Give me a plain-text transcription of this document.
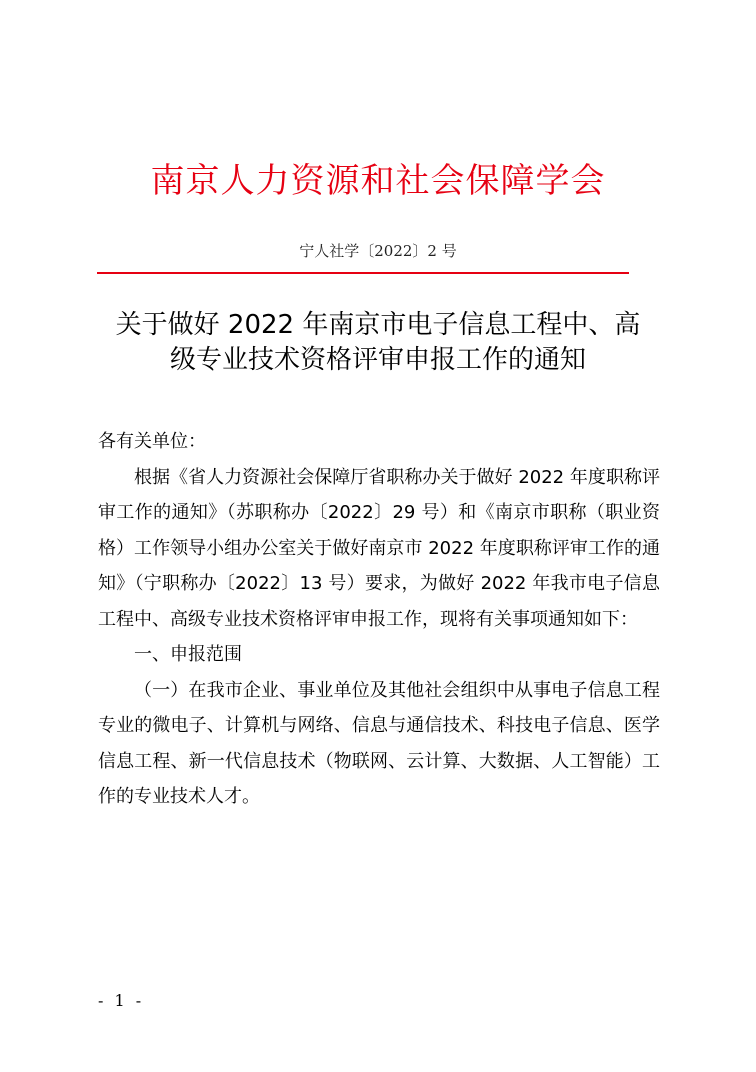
南京人力资源和社会保障学会
宁人社学〔2022〕2 号
关于做好 2022 年南京市电子信息工程中、高
级专业技术资格评审申报工作的通知

各有关单位：

根据《省人力资源社会保障厅省职称办关于做好 2022 年度职称评审工作的通知》（苏职称办〔2022〕29 号）和《南京市职称（职业资格）工作领导小组办公室关于做好南京市 2022 年度职称评审工作的通知》（宁职称办〔2022〕13 号）要求，为做好 2022 年我市电子信息工程中、高级专业技术资格评审申报工作，现将有关事项通知如下：

一、申报范围

（一）在我市企业、事业单位及其他社会组织中从事电子信息工程专业的微电子、计算机与网络、信息与通信技术、科技电子信息、医学信息工程、新一代信息技术（物联网、云计算、大数据、人工智能）工作的专业技术人才。

- 1 -
